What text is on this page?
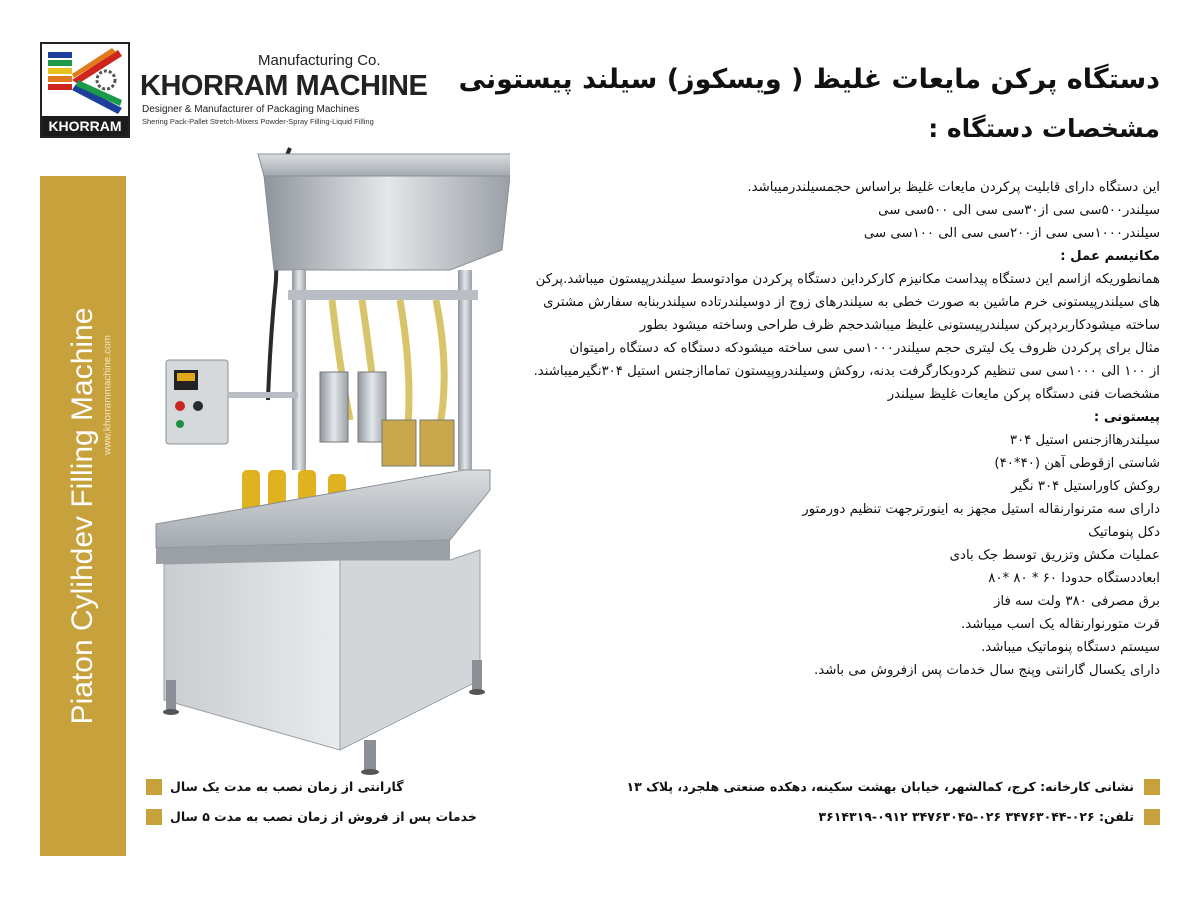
KHORRAM
Manufacturing Co.
KHORRAM MACHINE
Designer & Manufacturer of Packaging Machines
Shering Pack-Pallet Stretch-Mixers Powder-Spray Filling-Liquid Filling
www.khorrammachine.com
Piaton Cylihdev Filling Machine
دستگاه پرکن مایعات غلیظ ( ویسکوز) سیلند پیستونی
مشخصات دستگاه :
این دستگاه دارای قابلیت پرکردن مایعات غلیظ براساس حجمسیلندرمیباشد.
سیلندر۵۰۰سی سی از۳۰سی سی الی ۵۰۰سی سی
سیلندر۱۰۰۰سی سی از۲۰۰سی سی الی ۱۰۰سی سی
مکانیسم عمل :
همانطوریکه ازاسم این دستگاه پیداست مکانیزم کارکرداین دستگاه پرکردن موادتوسط سیلندرپیستون میباشد.پرکن
های سیلندرپیستونی خرم ماشین به صورت خطی به سیلندرهای زوج از دوسیلندرتاده سیلندربنابه سفارش مشتری
ساخته میشودکاربردپرکن سیلندرپیستونی غلیظ میباشدحجم ظرف طراحی وساخته میشود بطور
مثال برای پرکردن ظروف یک لیتری حجم سیلندر۱۰۰۰سی سی ساخته میشودکه دستگاه که دستگاه رامیتوان
از ۱۰۰ الی ۱۰۰۰سی سی تنظیم کردوبکارگرفت بدنه، روکش وسیلندروپیستون تماماازجنس استیل ۳۰۴نگیرمیباشند.
مشخصات فنی دستگاه پرکن مایعات غلیظ سیلندر
پیستونی :
سیلندرهاازجنس استیل ۳۰۴
شاستی ازقوطی آهن (۴۰*۴۰)
روکش کاوراستیل ۳۰۴ نگیر
دارای سه مترنوارنقاله استیل مجهز به اینورترجهت تنظیم دورمتور
دکل پنوماتیک
عملیات مکش وتزریق توسط جک بادی
ابعاددستگاه حدودا ۶۰ * ۸۰ *۸۰
برق مصرفی ۳۸۰ ولت سه فاز
قرت متورنوارنقاله یک اسب میباشد.
سیستم دستگاه پنوماتیک میباشد.
دارای یکسال گارانتی وپنج سال خدمات پس ازفروش می باشد.
گارانتی از زمان نصب به مدت یک سال
خدمات پس از فروش از زمان نصب به مدت ۵ سال
نشانی کارخانه: کرج، کمالشهر، خیابان بهشت سکینه، دهکده صنعتی هلجرد، پلاک ۱۳
تلفن: ۰۲۶-۳۴۷۶۳۰۴۴ ۰۲۶-۳۴۷۶۳۰۴۵ ۰۹۱۲-۳۶۱۴۳۱۹
